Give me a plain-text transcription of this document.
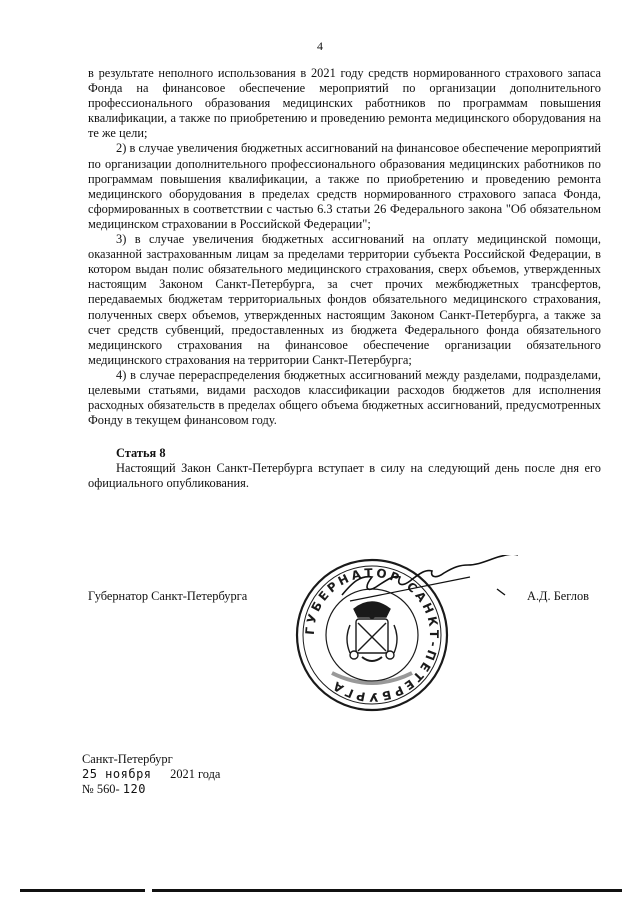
4

в результате неполного использования в 2021 году средств нормированного страхового запаса Фонда на финансовое обеспечение мероприятий по организации дополнительного профессионального образования медицинских работников по программам повышения квалификации, а также по приобретению и проведению ремонта медицинского оборудования на те же цели;

2) в случае увеличения бюджетных ассигнований на финансовое обеспечение мероприятий по организации дополнительного профессионального образования медицинских работников по программам повышения квалификации, а также по приобретению и проведению ремонта медицинского оборудования в пределах средств нормированного страхового запаса Фонда, сформированных в соответствии с частью 6.3 статьи 26 Федерального закона "Об обязательном медицинском страховании в Российской Федерации";

3) в случае увеличения бюджетных ассигнований на оплату медицинской помощи, оказанной застрахованным лицам за пределами территории субъекта Российской Федерации, в котором выдан полис обязательного медицинского страхования, сверх объемов, утвержденных настоящим Законом Санкт-Петербурга, за счет прочих межбюджетных трансфертов, передаваемых бюджетам территориальных фондов обязательного медицинского страхования, полученных сверх объемов, утвержденных настоящим Законом Санкт-Петербурга, а также за счет средств субвенций, предоставленных из бюджета Федерального фонда обязательного медицинского страхования на финансовое обеспечение организации обязательного медицинского страхования на территории Санкт-Петербурга;

4) в случае перераспределения бюджетных ассигнований между разделами, подразделами, целевыми статьями, видами расходов классификации расходов бюджетов для исполнения расходных обязательств в пределах общего объема бюджетных ассигнований, предусмотренных Фонду в текущем финансовом году.

Статья 8

Настоящий Закон Санкт-Петербурга вступает в силу на следующий день после дня его официального опубликования.

ГУБЕРНАТОР САНКТ-ПЕТЕРБУРГА
Губернатор Санкт-Петербурга	А.Д. Беглов
Санкт-Петербург
25 ноября 2021 года
№ 560- 120
